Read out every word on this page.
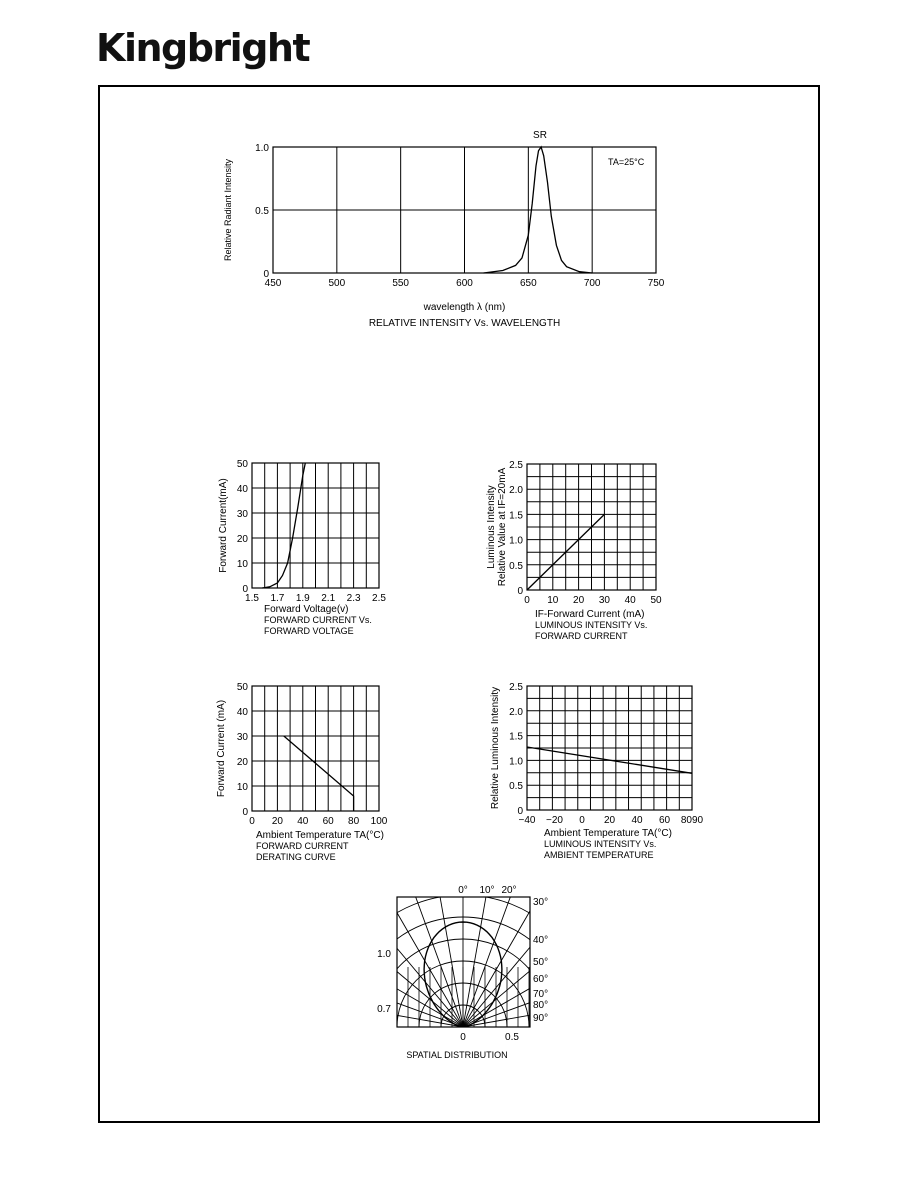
Kingbright
450	500	550	600	650	700	750
0
0.5
1.0
wavelength λ (nm)
RELATIVE INTENSITY Vs. WAVELENGTH
Relative Radiant Intensity
SR
TA=25°C
1.5 1.7 1.9 2.1 2.3 2.5
0
10
20
30
40
50
Forward Voltage(v)
FORWARD CURRENT Vs.
FORWARD VOLTAGE
Forward Current(mA)
0 10 20 30 40 50
0
0.5
1.0
1.5
2.0
2.5
IF-Forward Current (mA)
LUMINOUS INTENSITY Vs.
FORWARD CURRENT
Luminous Intensity Relative Value at IF=20mA
0 20 40 60 80 100
0
10
20
30
40
50
Ambient Temperature TA(°C)
FORWARD CURRENT
DERATING CURVE
Forward Current (mA)
−40 −20 0 20 40 60 8090
0
0.5
1.0
1.5
2.0
2.5
Ambient Temperature TA(°C)
LUMINOUS INTENSITY Vs.
AMBIENT TEMPERATURE
Relative Luminous Intensity
0° 10° 20°
30°
40°
50°
60°
70°
80°
90°
1.0
0.7
0	0.5
SPATIAL DISTRIBUTION
